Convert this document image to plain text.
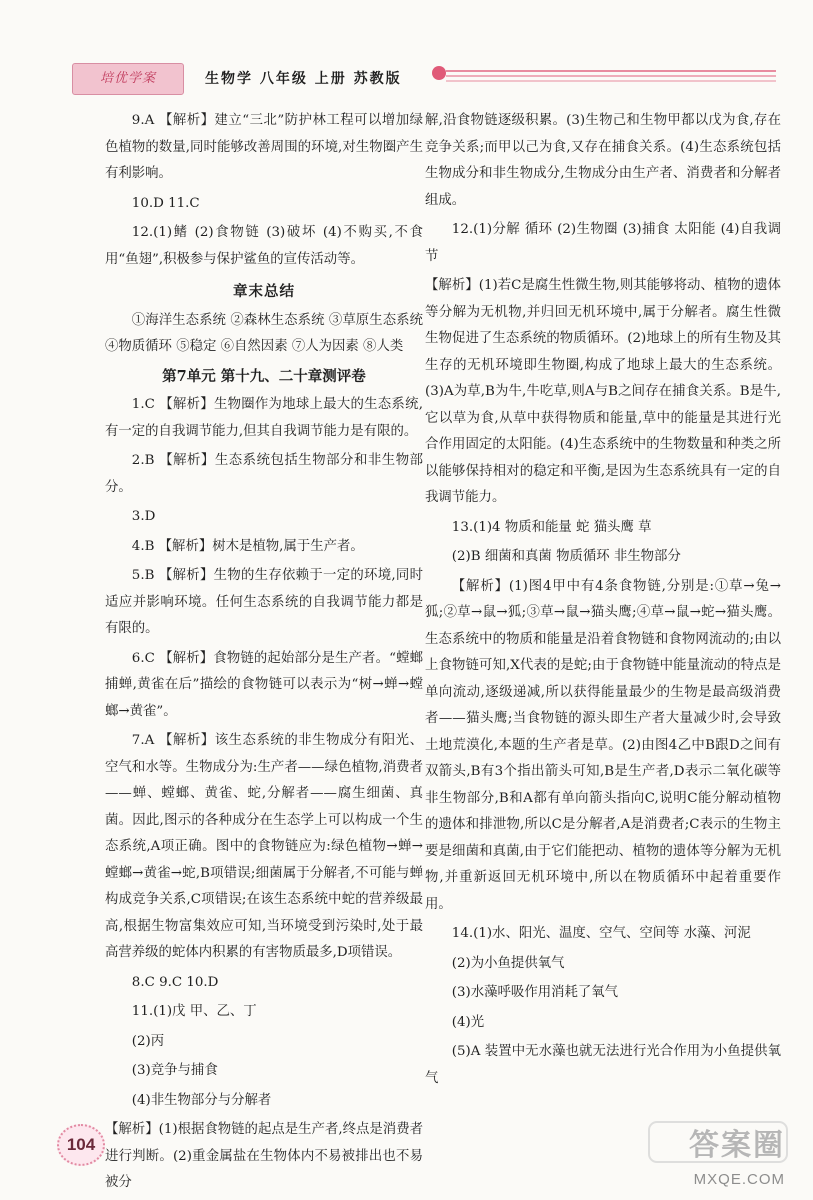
培优学案	生物学 八年级 上册 苏教版

9.A 【解析】建立“三北”防护林工程可以增加绿色植物的数量,同时能够改善周围的环境,对生物圈产生有利影响。

10.D 11.C

12.(1)鳍 (2)食物链 (3)破坏 (4)不购买,不食用“鱼翅”,积极参与保护鲨鱼的宣传活动等。

章末总结

①海洋生态系统 ②森林生态系统 ③草原生态系统 ④物质循环 ⑤稳定 ⑥自然因素 ⑦人为因素 ⑧人类

第7单元 第十九、二十章测评卷

1.C 【解析】生物圈作为地球上最大的生态系统,有一定的自我调节能力,但其自我调节能力是有限的。

2.B 【解析】生态系统包括生物部分和非生物部分。

3.D

4.B 【解析】树木是植物,属于生产者。

5.B 【解析】生物的生存依赖于一定的环境,同时适应并影响环境。任何生态系统的自我调节能力都是有限的。

6.C 【解析】食物链的起始部分是生产者。“螳螂捕蝉,黄雀在后”描绘的食物链可以表示为“树→蝉→螳螂→黄雀”。

7.A 【解析】该生态系统的非生物成分有阳光、空气和水等。生物成分为:生产者——绿色植物,消费者——蝉、螳螂、黄雀、蛇,分解者——腐生细菌、真菌。因此,图示的各种成分在生态学上可以构成一个生态系统,A项正确。图中的食物链应为:绿色植物→蝉→螳螂→黄雀→蛇,B项错误;细菌属于分解者,不可能与蝉构成竞争关系,C项错误;在该生态系统中蛇的营养级最高,根据生物富集效应可知,当环境受到污染时,处于最高营养级的蛇体内积累的有害物质最多,D项错误。

8.C 9.C 10.D

11.(1)戊 甲、乙、丁

(2)丙

(3)竞争与捕食

(4)非生物部分与分解者

【解析】(1)根据食物链的起点是生产者,终点是消费者进行判断。(2)重金属盐在生物体内不易被排出也不易被分

解,沿食物链逐级积累。(3)生物己和生物甲都以戊为食,存在竞争关系;而甲以己为食,又存在捕食关系。(4)生态系统包括生物成分和非生物成分,生物成分由生产者、消费者和分解者组成。

12.(1)分解 循环 (2)生物圈 (3)捕食 太阳能 (4)自我调节

【解析】(1)若C是腐生性微生物,则其能够将动、植物的遗体等分解为无机物,并归回无机环境中,属于分解者。腐生性微生物促进了生态系统的物质循环。(2)地球上的所有生物及其生存的无机环境即生物圈,构成了地球上最大的生态系统。(3)A为草,B为牛,牛吃草,则A与B之间存在捕食关系。B是牛,它以草为食,从草中获得物质和能量,草中的能量是其进行光合作用固定的太阳能。(4)生态系统中的生物数量和种类之所以能够保持相对的稳定和平衡,是因为生态系统具有一定的自我调节能力。

13.(1)4 物质和能量 蛇 猫头鹰 草

(2)B 细菌和真菌 物质循环 非生物部分

【解析】(1)图4甲中有4条食物链,分别是:①草→兔→狐;②草→鼠→狐;③草→鼠→猫头鹰;④草→鼠→蛇→猫头鹰。生态系统中的物质和能量是沿着食物链和食物网流动的;由以上食物链可知,X代表的是蛇;由于食物链中能量流动的特点是单向流动,逐级递减,所以获得能量最少的生物是最高级消费者——猫头鹰;当食物链的源头即生产者大量减少时,会导致土地荒漠化,本题的生产者是草。(2)由图4乙中B跟D之间有双箭头,B有3个指出箭头可知,B是生产者,D表示二氧化碳等非生物部分,B和A都有单向箭头指向C,说明C能分解动植物的遗体和排泄物,所以C是分解者,A是消费者;C表示的生物主要是细菌和真菌,由于它们能把动、植物的遗体等分解为无机物,并重新返回无机环境中,所以在物质循环中起着重要作用。

14.(1)水、阳光、温度、空气、空间等 水藻、河泥

(2)为小鱼提供氧气

(3)水藻呼吸作用消耗了氧气

(4)光

(5)A 装置中无水藻也就无法进行光合作用为小鱼提供氧气

104	答案圈
MXQE.COM
